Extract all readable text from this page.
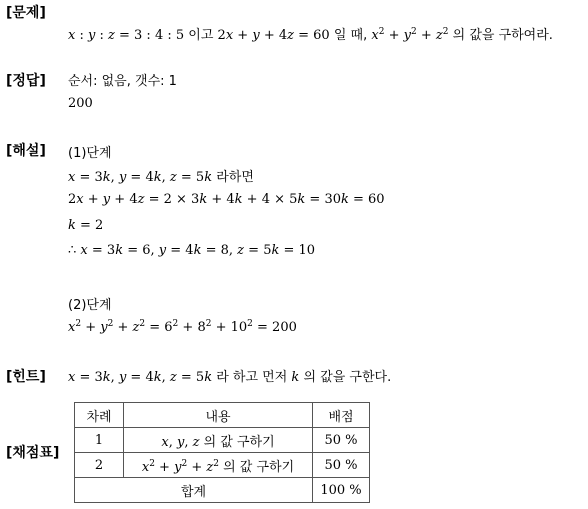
[문제]
[정답]
[해설]
[힌트]
[채점표]
x : y : z = 3 : 4 : 5 이고 2x + y + 4z = 60 일 때, $x^2 + y^2 + z^2$ 의 값을 구하여라.
순서: 없음, 갯수: 1
200
(1)단계
x = 3k, y = 4k, z = 5k 라하면
2x + y + 4z = 2 × 3k + 4k + 4 × 5k = 30k = 60
k = 2
∴ x = 3k = 6, y = 4k = 8, z = 5k = 10
(2)단계
$x^2 + y^2 + z^2 = 6^2 + 8^2 + 10^2 = 200$
x = 3k, y = 4k, z = 5k 라 하고 먼저 k 의 값을 구한다.
차례	내용	배점
1	x, y, z 의 값 구하기	50 %
2	$x^2 + y^2 + z^2$ 의 값 구하기	50 %
합계		100 %
